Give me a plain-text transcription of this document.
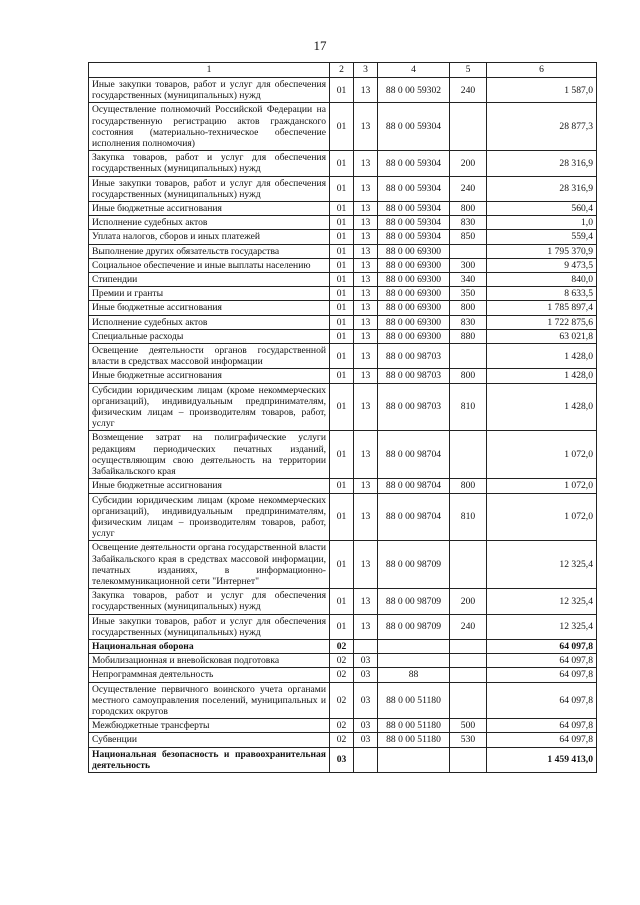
17
1	2	3	4	5	6
Иные закупки товаров, работ и услуг для обеспечения государственных (муниципальных) нужд	01	13	88 0 00 59302	240	1 587,0
Осуществление полномочий Российской Федерации на государственную регистрацию актов гражданского состояния (материально-техническое обеспечение исполнения полномочия)	01	13	88 0 00 59304		28 877,3
Закупка товаров, работ и услуг для обеспечения государственных (муниципальных) нужд	01	13	88 0 00 59304	200	28 316,9
Иные закупки товаров, работ и услуг для обеспечения государственных (муниципальных) нужд	01	13	88 0 00 59304	240	28 316,9
Иные бюджетные ассигнования	01	13	88 0 00 59304	800	560,4
Исполнение судебных актов	01	13	88 0 00 59304	830	1,0
Уплата налогов, сборов и иных платежей	01	13	88 0 00 59304	850	559,4
Выполнение других обязательств государства	01	13	88 0 00 69300		1 795 370,9
Социальное обеспечение и иные выплаты населению	01	13	88 0 00 69300	300	9 473,5
Стипендии	01	13	88 0 00 69300	340	840,0
Премии и гранты	01	13	88 0 00 69300	350	8 633,5
Иные бюджетные ассигнования	01	13	88 0 00 69300	800	1 785 897,4
Исполнение судебных актов	01	13	88 0 00 69300	830	1 722 875,6
Специальные расходы	01	13	88 0 00 69300	880	63 021,8
Освещение деятельности органов государственной власти в средствах массовой информации	01	13	88 0 00 98703		1 428,0
Иные бюджетные ассигнования	01	13	88 0 00 98703	800	1 428,0
Субсидии юридическим лицам (кроме некоммерческих организаций), индивидуальным предпринимателям, физическим лицам – производителям товаров, работ, услуг	01	13	88 0 00 98703	810	1 428,0
Возмещение затрат на полиграфические услуги редакциям периодических печатных изданий, осуществляющим свою деятельность на территории Забайкальского края	01	13	88 0 00 98704		1 072,0
Иные бюджетные ассигнования	01	13	88 0 00 98704	800	1 072,0
Субсидии юридическим лицам (кроме некоммерческих организаций), индивидуальным предпринимателям, физическим лицам – производителям товаров, работ, услуг	01	13	88 0 00 98704	810	1 072,0
Освещение деятельности органа государственной власти Забайкальского края в средствах массовой информации, печатных изданиях, в информационно-телекоммуникационной сети "Интернет"	01	13	88 0 00 98709		12 325,4
Закупка товаров, работ и услуг для обеспечения государственных (муниципальных) нужд	01	13	88 0 00 98709	200	12 325,4
Иные закупки товаров, работ и услуг для обеспечения государственных (муниципальных) нужд	01	13	88 0 00 98709	240	12 325,4
Национальная оборона	02				64 097,8
Мобилизационная и вневойсковая подготовка	02	03			64 097,8
Непрограммная деятельность	02	03	88		64 097,8
Осуществление первичного воинского учета органами местного самоуправления поселений, муниципальных и городских округов	02	03	88 0 00 51180		64 097,8
Межбюджетные трансферты	02	03	88 0 00 51180	500	64 097,8
Субвенции	02	03	88 0 00 51180	530	64 097,8
Национальная безопасность и правоохранительная деятельность	03				1 459 413,0
